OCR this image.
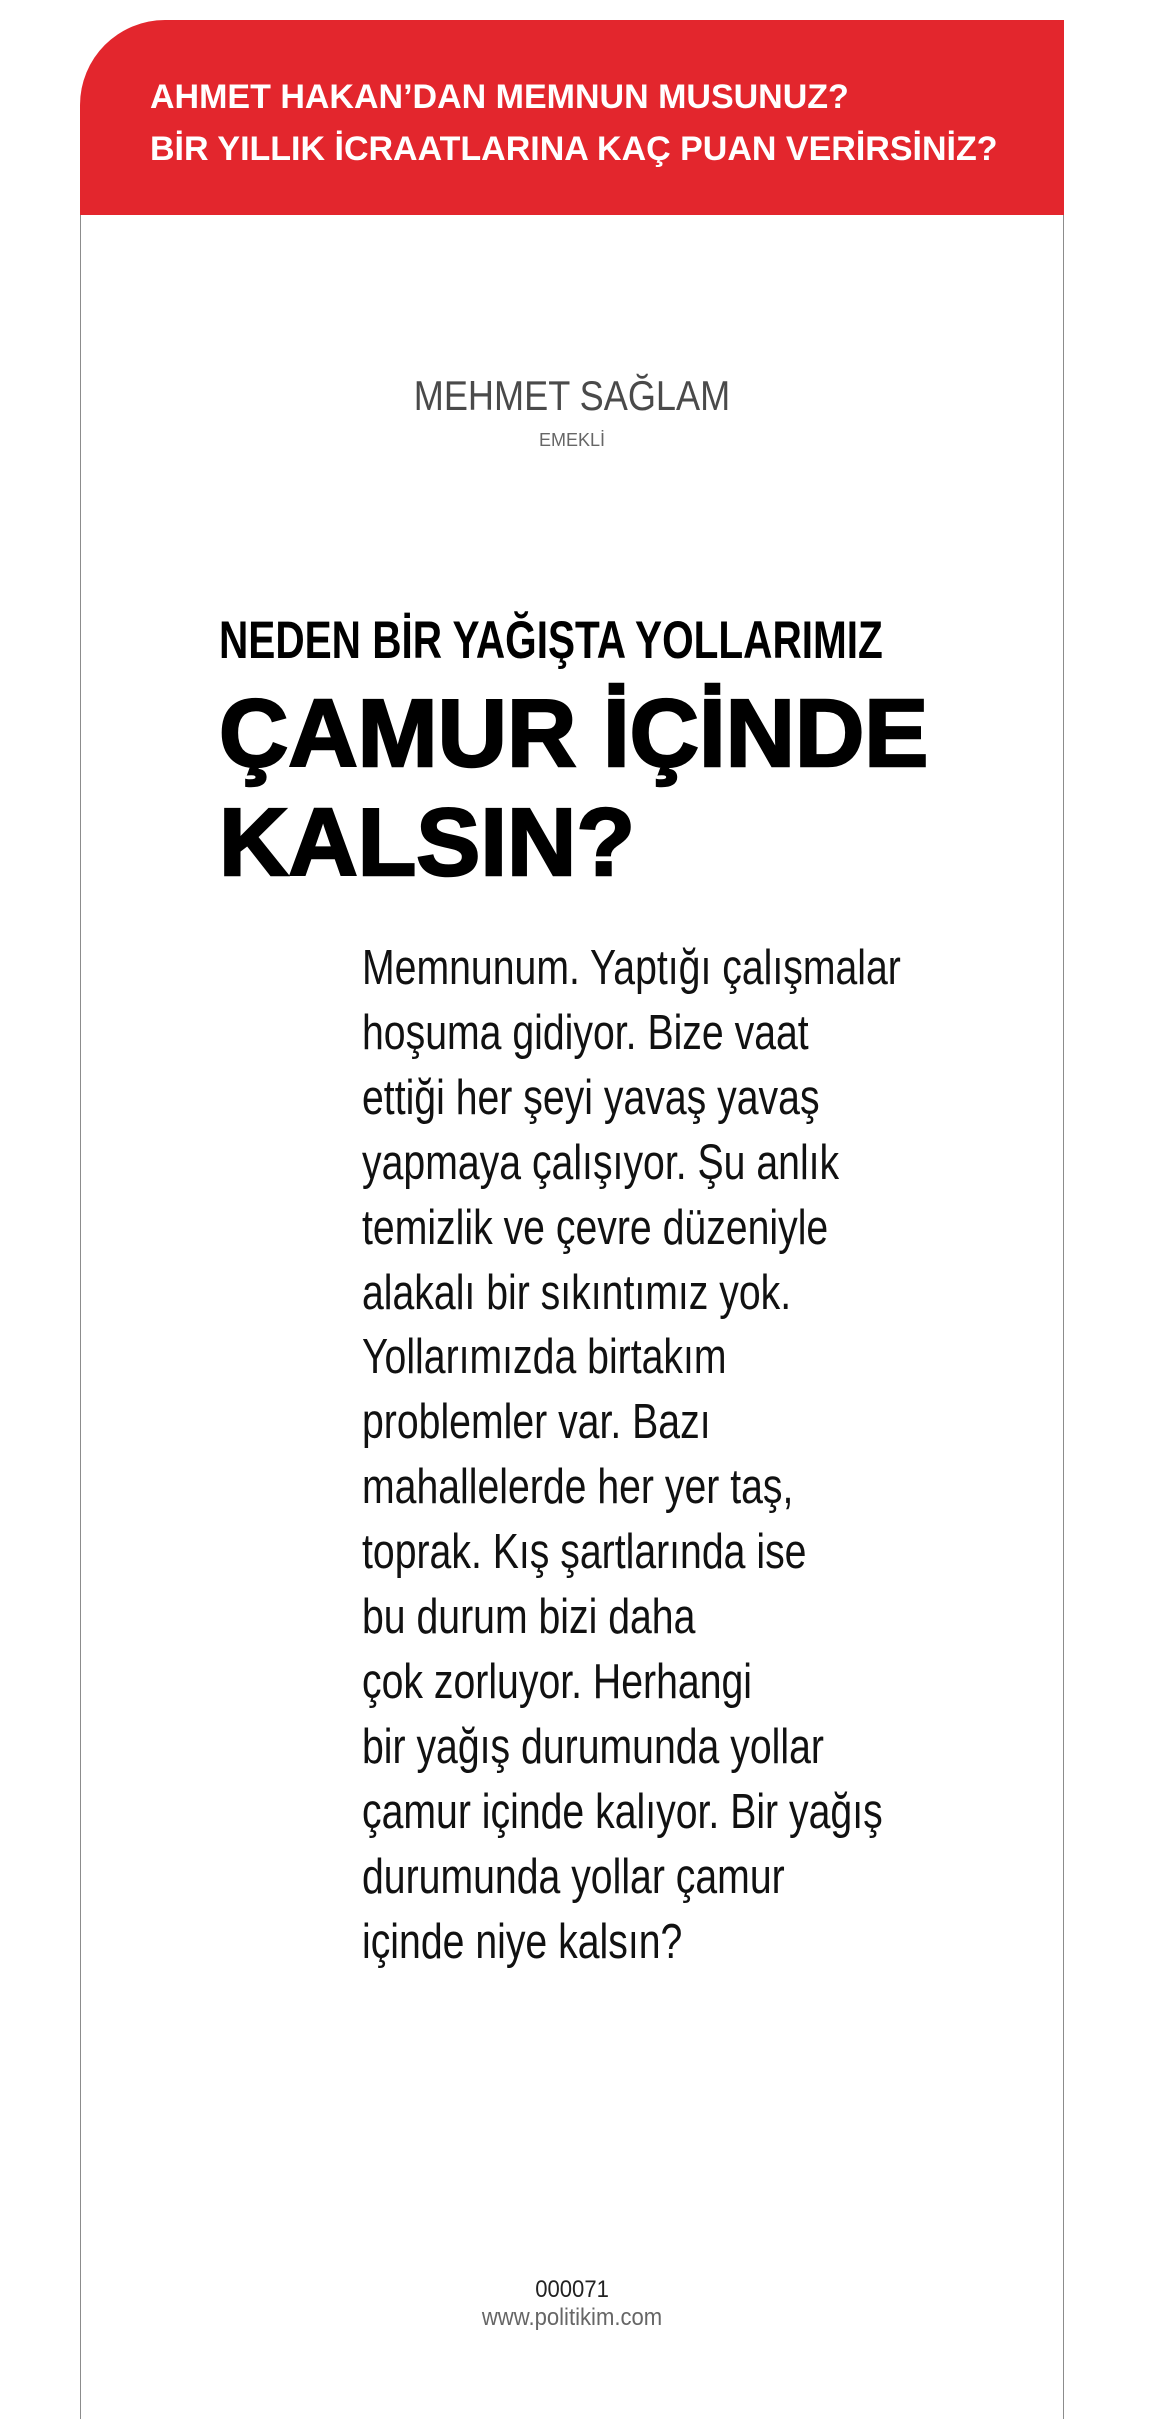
AHMET HAKAN’DAN MEMNUN MUSUNUZ?
BİR YILLIK İCRAATLARINA KAÇ PUAN VERİRSİNİZ?
MEHMET SAĞLAM
EMEKLİ
NEDEN BİR YAĞIŞTA YOLLARIMIZ
ÇAMUR İÇİNDE
KALSIN?
Memnunum. Yaptığı çalışmalar
hoşuma gidiyor. Bize vaat
ettiği her şeyi yavaş yavaş
yapmaya çalışıyor. Şu anlık
temizlik ve çevre düzeniyle
alakalı bir sıkıntımız yok.
Yollarımızda birtakım
problemler var. Bazı
mahallelerde her yer taş,
toprak. Kış şartlarında ise
bu durum bizi daha
çok zorluyor. Herhangi
bir yağış durumunda yollar
çamur içinde kalıyor. Bir yağış
durumunda yollar çamur
içinde niye kalsın?
000071
www.politikim.com
